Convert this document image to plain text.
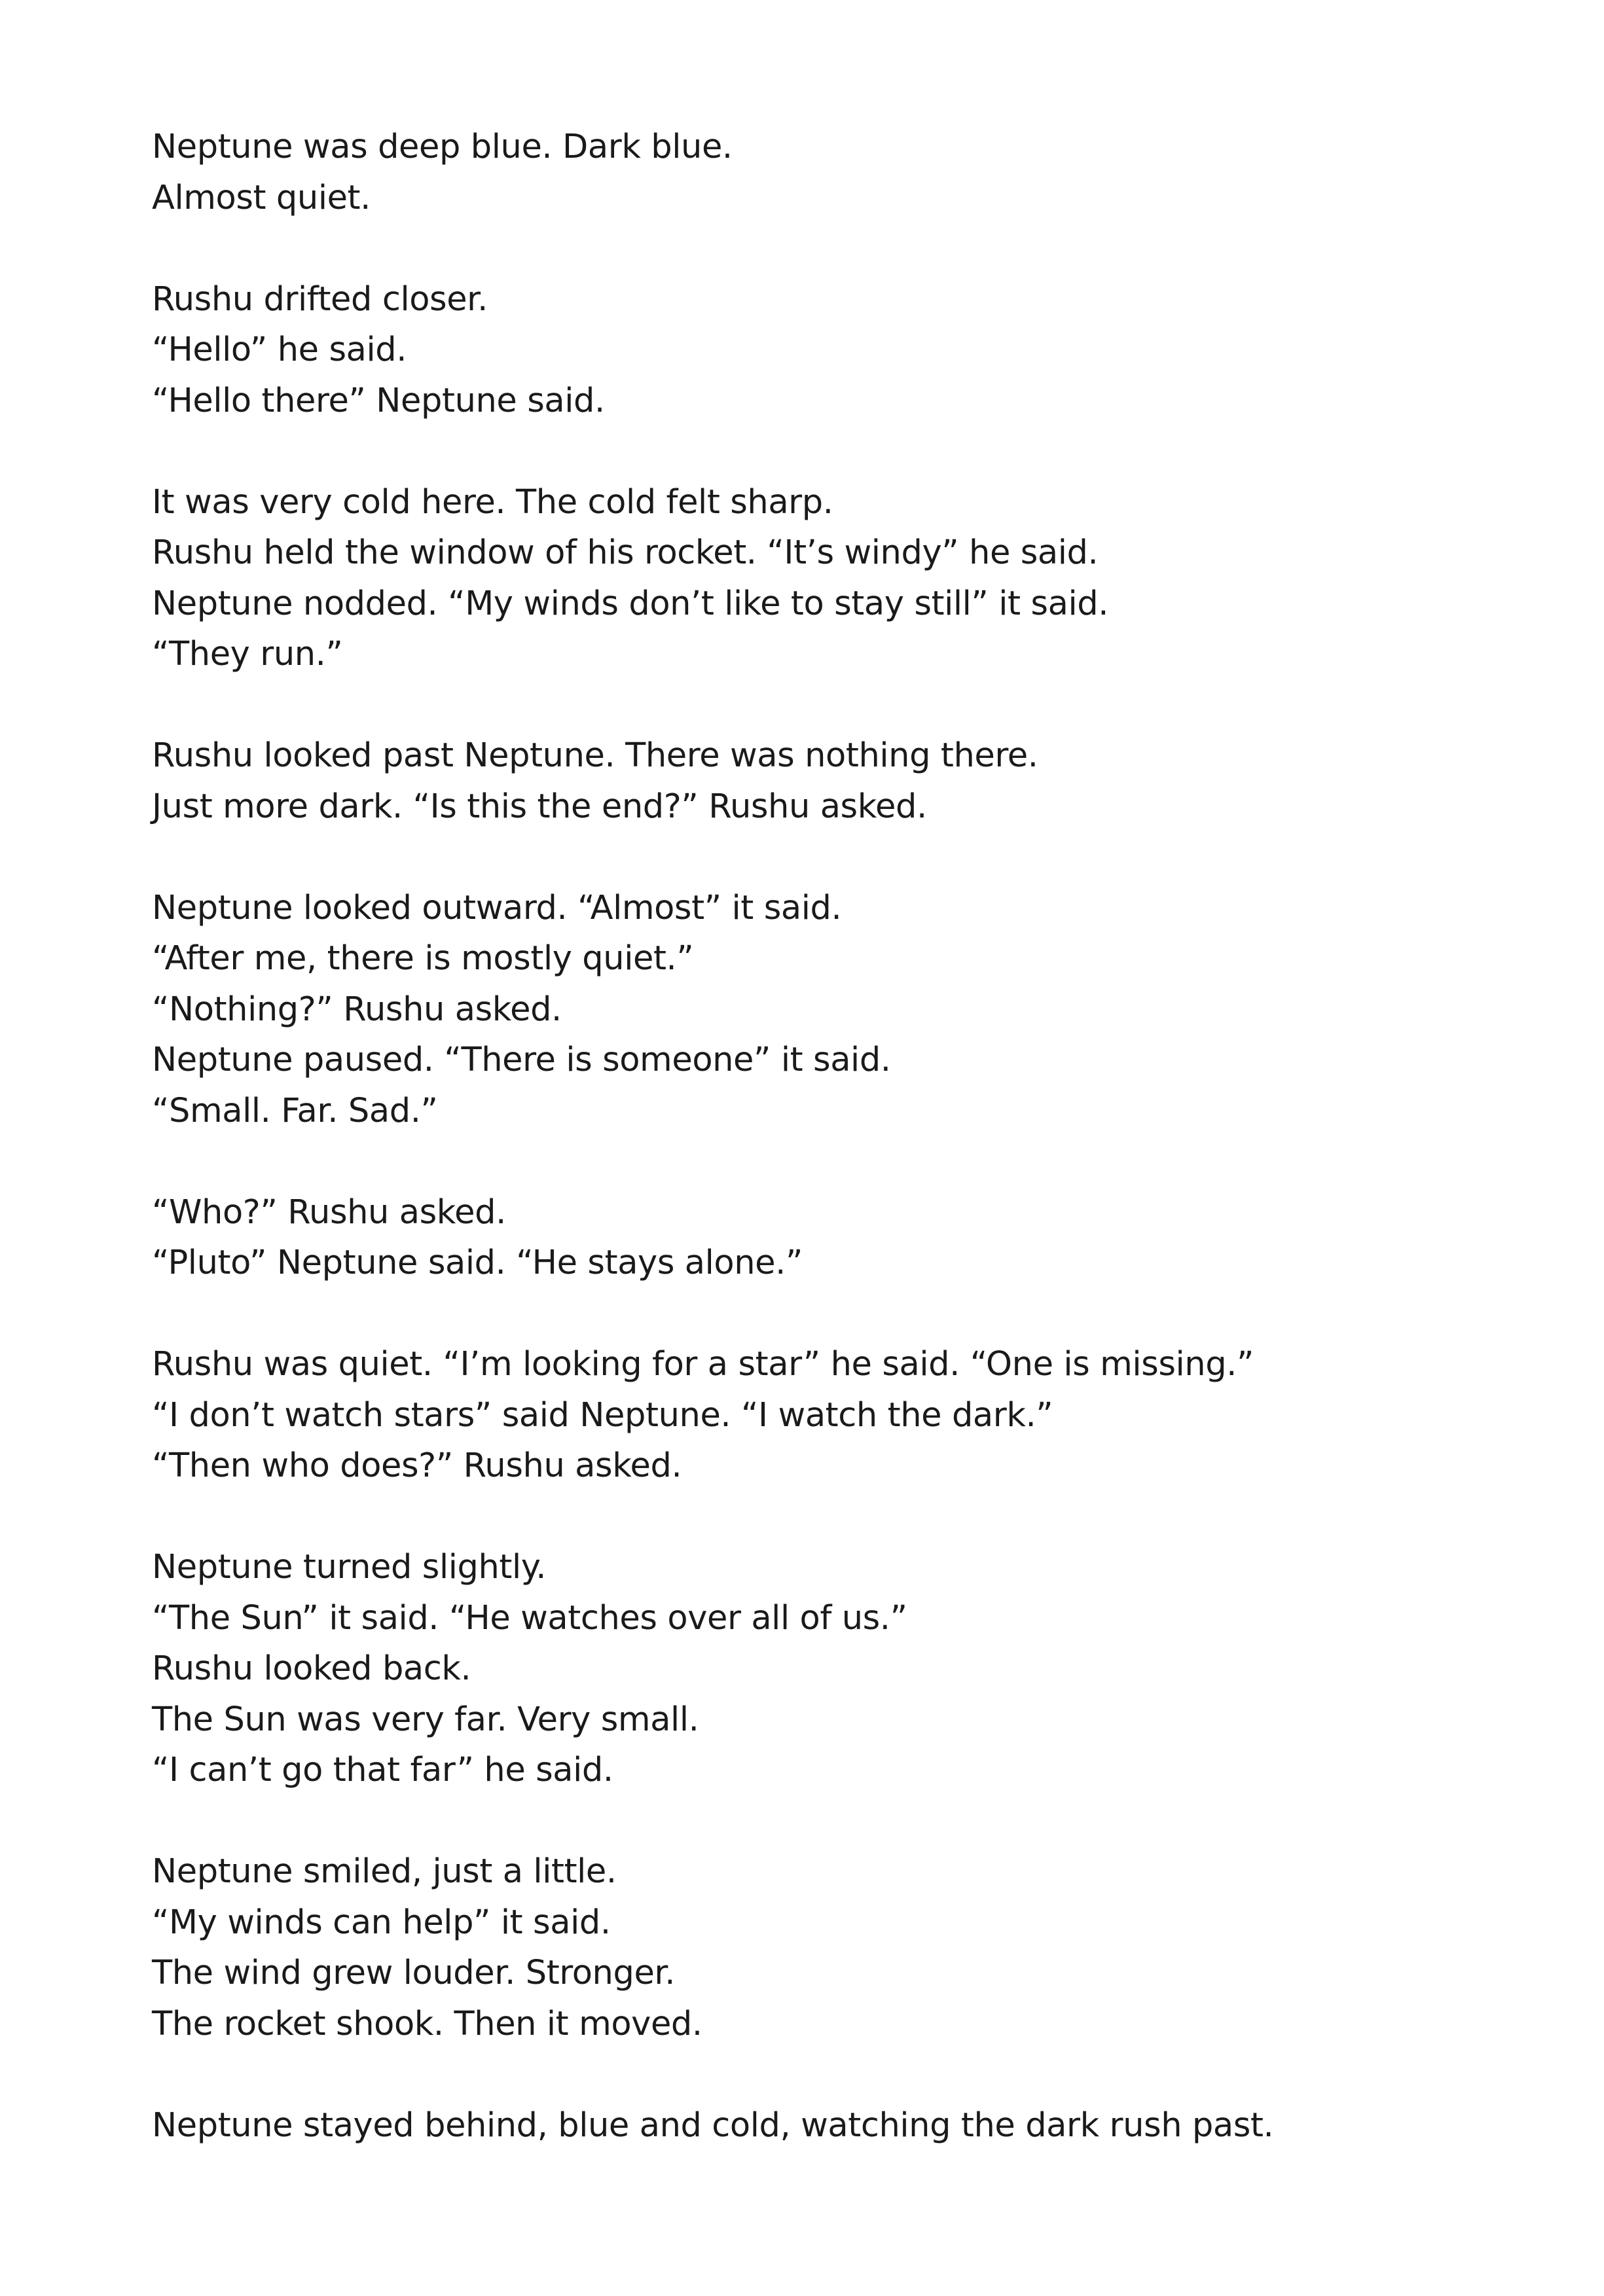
Neptune was deep blue. Dark blue.
Almost quiet.
Rushu drifted closer.
“Hello” he said.
“Hello there” Neptune said.
It was very cold here. The cold felt sharp.
Rushu held the window of his rocket. “It’s windy” he said.
Neptune nodded. “My winds don’t like to stay still” it said.
“They run.”
Rushu looked past Neptune. There was nothing there.
Just more dark. “Is this the end?” Rushu asked.
Neptune looked outward. “Almost” it said.
“After me, there is mostly quiet.”
“Nothing?” Rushu asked.
Neptune paused. “There is someone” it said.
“Small. Far. Sad.”
“Who?” Rushu asked.
“Pluto” Neptune said. “He stays alone.”
Rushu was quiet. “I’m looking for a star” he said. “One is missing.”
“I don’t watch stars” said Neptune. “I watch the dark.”
“Then who does?” Rushu asked.
Neptune turned slightly.
“The Sun” it said. “He watches over all of us.”
Rushu looked back.
The Sun was very far. Very small.
“I can’t go that far” he said.
Neptune smiled, just a little.
“My winds can help” it said.
The wind grew louder. Stronger.
The rocket shook. Then it moved.
Neptune stayed behind, blue and cold, watching the dark rush past.
